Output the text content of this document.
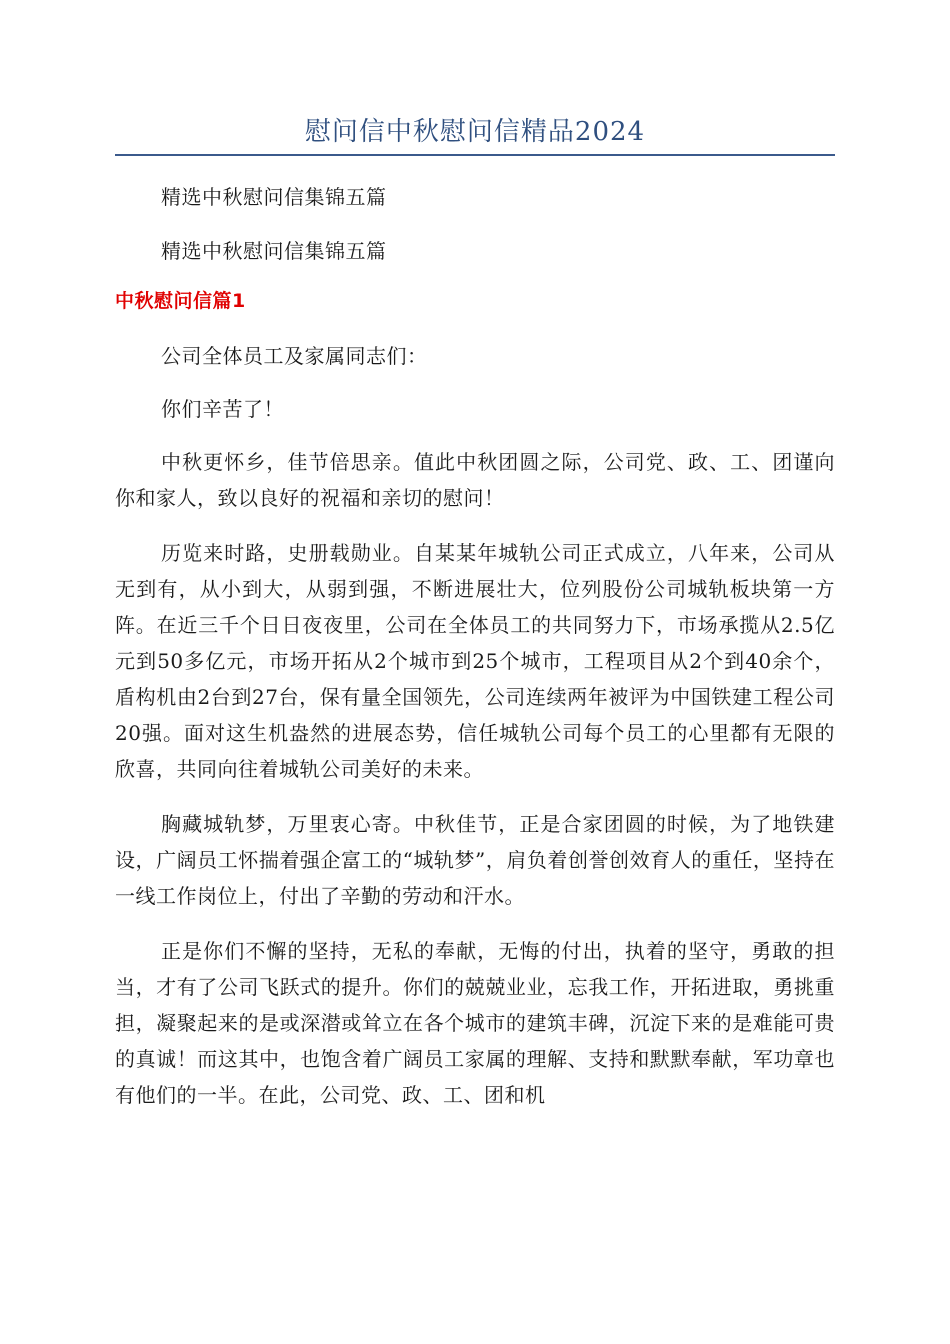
慰问信中秋慰问信精品2024

精选中秋慰问信集锦五篇

精选中秋慰问信集锦五篇

中秋慰问信篇1

公司全体员工及家属同志们：

你们辛苦了！

中秋更怀乡，佳节倍思亲。值此中秋团圆之际，公司党、政、工、团谨向你和家人，致以良好的祝福和亲切的慰问！

历览来时路，史册载勋业。自某某年城轨公司正式成立，八年来，公司从无到有，从小到大，从弱到强，不断进展壮大，位列股份公司城轨板块第一方阵。在近三千个日日夜夜里，公司在全体员工的共同努力下，市场承揽从2.5亿元到50多亿元，市场开拓从2个城市到25个城市，工程项目从2个到40余个，盾构机由2台到27台，保有量全国领先，公司连续两年被评为中国铁建工程公司20强。面对这生机盎然的进展态势，信任城轨公司每个员工的心里都有无限的欣喜，共同向往着城轨公司美好的未来。

胸藏城轨梦，万里衷心寄。中秋佳节，正是合家团圆的时候，为了地铁建设，广阔员工怀揣着强企富工的“城轨梦”，肩负着创誉创效育人的重任，坚持在一线工作岗位上，付出了辛勤的劳动和汗水。

正是你们不懈的坚持，无私的奉献，无悔的付出，执着的坚守，勇敢的担当，才有了公司飞跃式的提升。你们的兢兢业业，忘我工作，开拓进取，勇挑重担，凝聚起来的是或深潜或耸立在各个城市的建筑丰碑，沉淀下来的是难能可贵的真诚！而这其中，也饱含着广阔员工家属的理解、支持和默默奉献，军功章也有他们的一半。在此，公司党、政、工、团和机
